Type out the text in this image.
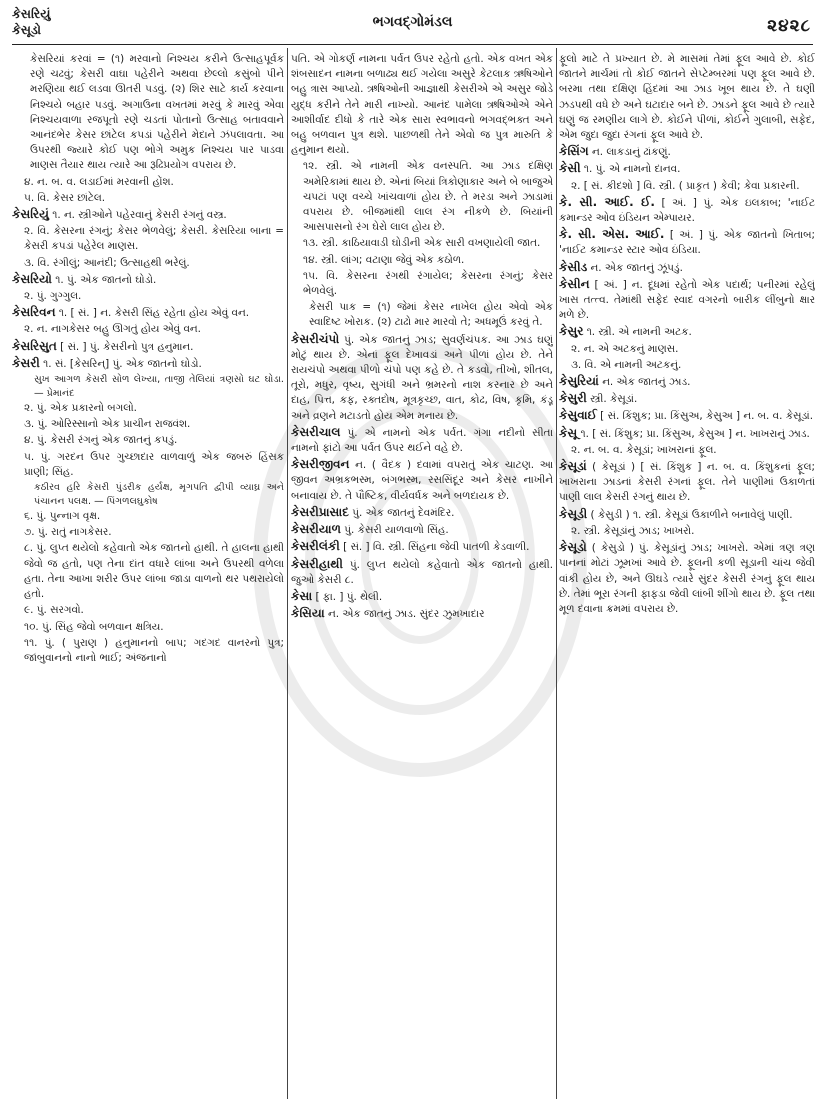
કેસરિયું
કેસૂડો	ભગવદ્ગોમંડલ	૨૪૨૮
કેસરિયાં કરવાં = (૧) મરવાનો નિશ્ચય કરીને ઉત્સાહપૂર્વક રણે ચઢવું; કેસરી વાઘા પહેરીને અથવા છેલ્લો કસુંબો પીને મરણિયા થઈ લડવા ઊતરી પડવું. (૨) શિર સાટે કાર્ય કરવાના નિશ્ચયે બહાર પડવું. અગાઉના વખતમાં મરવું કે મારવું એવા નિશ્ચયવાળા રજપૂતો રણે ચડતાં પોતાનો ઉત્સાહ બતાવવાને આનંદભેર કેસર છાંટેલ કપડાં પહેરીને મેદાને ઝંપલાવતા. આ ઉપરથી જ્યારે કોઈ પણ ભોગે અમુક નિશ્ચય પાર પાડવા માણસ તૈયાર થાય ત્યારે આ રૂઢિપ્રયોગ વપરાય છે.
૪. ન. બ. વ. લડાઈમાં મરવાની હોંશ.
૫. વિ. કેસર છાંટેલ.
કેસરિયું ૧. ન. સ્ત્રીઓને પહેરવાનું કેસરી રંગનું વસ્ત્ર.
૨. વિ. કેસરના રંગનું; કેસર ભેળવેલું; કેસરી. કેસરિયા બાના = કેસરી કપડાં પહેરેલ માણસ.
૩. વિ. રંગીલું; આનંદી; ઉત્સાહથી ભરેલું.
કેસરિયો ૧. પું. એક જાતનો ઘોડો.
૨. પું. ગુગ્ગુલ.
કેસરિવન ૧. [ સં. ] ન. કેસરી સિંહ રહેતા હોય એવું વન.
૨. ન. નાગકેસર બહુ ઊગતું હોય એવું વન.
કેસરિસુત [ સં. ] પું. કેસરીનો પુત્ર હનુમાન.
કેસરી ૧. સં. [કેસરિન્] પું. એક જાતનો ઘોડો.
સુખ આગળ કેસરી સોળ લેખ્યા, તાજી તેલિયાં ત્રણસો ઘટ ઘોડા. — પ્રેમાનંદ
૨. પું. એક પ્રકારનો બગલો.
૩. પું. ઓરિસ્સાનો એક પ્રાચીન રાજવંશ.
૪. પું. કેસરી રંગનું એક જાતનું કપડું.
૫. પું. ગરદન ઉપર ગુચ્છાદાર વાળવાળું એક જબરું હિંસક પ્રાણી; સિંહ.
કઠીરવ હરિ કેસરી પુંડરીક હર્યક્ષ, મૃગપતિ દ્વીપી વ્યાઘ્ર અને પંચાનન પલક્ષ. — પિંગળલઘુકોષ
૬. પું. પુન્નાગ વૃક્ષ.
૭. પું. રાતું નાગકેસર.
૮. પું. લુપ્ત થયેલો કહેવાતો એક જાતનો હાથી. તે હાલના હાથી જેવો જ હતો, પણ તેના દાંત વધારે લાંબા અને ઉપરથી વળેલા હતા. તેના આખા શરીર ઉપર લાંબા જાડા વાળનો થર પથરાયેલો હતો.
૯. પું. સરગવો.
૧૦. પું. સિંહ જેવો બળવાન ક્ષત્રિય.
૧૧. પું. ( પુરાણ ) હનુમાનનો બાપ; ગદગદ વાનરનો પુત્ર; જાંબુવાનનો નાનો ભાઈ; અંજનાનો
પતિ. એ ગોકર્ણ નામના પર્વત ઉપર રહેતો હતો. એક વખત એક શંબસાદન નામના બળાઢ્ય થઈ ગયેલા અસુરે કેટલાક ઋષિઓને બહુ ત્રાસ આપ્યો. ઋષિઓની આજ્ઞાથી કેસરીએ એ અસુર જોડે યુદ્ધ કરીને તેને મારી નાખ્યો. આનંદ પામેલા ઋષિઓએ એને આશીર્વાદ દીધો કે તારે એક સારા સ્વભાવનો ભગવદ્ભક્ત અને બહુ બળવાન પુત્ર થશે. પાછળથી તેને એવો જ પુત્ર મારુતિ કે હનુમાન થયો.
૧૨. સ્ત્રી. એ નામની એક વનસ્પતિ. આ ઝાડ દક્ષિણ અમેરિકામાં થાય છે. એનાં બિયાં ત્રિકોણાકાર અને બે બાજુએ ચપટાં પણ વચ્ચે ખાંચવાળાં હોય છે. તે મરડા અને ઝાડામાં વપરાય છે. બીજમાંથી લાલ રંગ નીકળે છે. બિયાંની આસપાસનો રંગ ઘેરો લાલ હોય છે.
૧૩. સ્ત્રી. કાઠિયાવાડી ઘોડીની એક સારી વખણાયેલી જાત.
૧૪. સ્ત્રી. લાંગ; વટાણા જેવું એક કઠોળ.
૧૫. વિ. કેસરના રંગથી રંગાયેલ; કેસરના રંગનું; કેસર ભેળવેલું.
કેસરી પાક = (૧) જેમાં કેસર નાખેલ હોય એવો એક સ્વાદિષ્ટ ખોરાક. (૨) ટાઢો માર મારવો તે; અધમૂઉં કરવું તે.
કેસરીચંપો પું. એક જાતનું ઝાડ; સુવર્ણચંપક. આ ઝાડ ઘણું મોટું થાય છે. એનાં ફૂલ દેખાવડાં અને પીળાં હોય છે. તેને રાયચંપો અથવા પીળો ચંપો પણ કહે છે. તે કડવો, તીખો, શીતલ, તૂરો, મધુર, વૃષ્ય, સુગંધી અને ભ્રમરનો નાશ કરનાર છે અને દાહ, પિત્ત, કફ, રક્તદોષ, મૂત્રકૃચ્છ, વાત, કોઢ, વિષ, કૃમિ, કંડૂ અને વ્રણને મટાડતો હોય એમ મનાય છે.
કેસરીચાલ પું. એ નામનો એક પર્વત. ગંગા નદીનો સીતા નામનો ફાંટો આ પર્વત ઉપર થઈને વહે છે.
કેસરીજીવન ન. ( વૈદક ) દવામાં વપરાતું એક ચાટણ. આ જીવન અભ્રકભસ્મ, બંગભસ્મ, રસસિંદૂર અને કેસર નાખીને બનાવાય છે. તે પૌષ્ટિક, વીર્યવર્ધક અને બળદાયક છે.
કેસરીપ્રાસાદ પું. એક જાતનું દેવમંદિર.
કેસરીયાળ પું. કેસરી યાળવાળો સિંહ.
કેસરીલંકી [ સં. ] વિ. સ્ત્રી. સિંહના જેવી પાતળી કેડવાળી.
કેસરીહાથી પું. લુપ્ત થયેલો કહેવાતો એક જાતનો હાથી. જુઓ કેસરી ૮.
કેસા [ ફા. ] પું. થેલી.
કેસિયા ન. એક જાતનું ઝાડ. સુંદર ઝુમખાદાર
ફૂલો માટે તે પ્રખ્યાત છે. મે માસમાં તેમાં ફૂલ આવે છે. કોઈ જાતને માર્ચમાં તો કોઈ જાતને સેપ્ટેમ્બરમાં પણ ફૂલ આવે છે. બરમા તથા દક્ષિણ હિંદમાં આ ઝાડ ખૂબ થાય છે. તે ઘણી ઝડપથી વધે છે અને ઘટાદાર બને છે. ઝાડને ફૂલ આવે છે ત્યારે ઘણું જ રમણીય લાગે છે. કોઈને પીળાં, કોઈને ગુલાબી, સફેદ, એમ જુદા જુદા રંગનાં ફૂલ આવે છે.
કેસિંગ ન. લાકડાનું ઢાંકણું.
કેસી ૧. પું. એ નામનો દાનવ.
૨. [ સં. કીદશો ] વિ. સ્ત્રી. ( પ્રાકૃત ) કેવી; કેવા પ્રકારની.
કે. સી. આઈ. ઈ. [ અં. ] પું. એક ઇલકાબ; 'નાઈટ કમાન્ડર ઓવ ઇંડિયન એમ્પાયર.
કે. સી. એસ. આઈ. [ અં. ] પું. એક જાતનો ખિતાબ; 'નાઈટ કમાન્ડર સ્ટાર ઓવ ઇંડિયા.
કેસીડ ન. એક જાતનું ઝૂંપડું.
કેસીન [ અં. ] ન. દૂધમાં રહેતો એક પદાર્થ; પનીરમાં રહેલું ખાસ તત્ત્વ. તેમાંથી સફેદ સ્વાદ વગરનો બારીક લીંબુનો ક્ષાર મળે છે.
કેસુર ૧. સ્ત્રી. એ નામની અટક.
૨. ન. એ અટકનું માણસ.
૩. વિ. એ નામની અટકનું.
કેસુરિયાં ન. એક જાતનું ઝાડ.
કેસુરી સ્ત્રી. કેસૂડાં.
કેસુવાઈ [ સં. કિંશુક; પ્રા. કિંસુઅ, કેસુઅ ] ન. બ. વ. કેસૂડાં.
કેસૂ ૧. [ સં. કિંશુક; પ્રા. કિંસુઅ, કેસુઅ ] ન. ખાખરાનું ઝાડ.
૨. ન. બ. વ. કેસૂડાં; ખાખરાનાં ફૂલ.
કેસૂડાં ( કેસૂડાં ) [ સં. કિંશુક ] ન. બ. વ. કિંશુકનાં ફૂલ; ખાખરાના ઝાડનાં કેસરી રંગનાં ફૂલ. તેને પાણીમાં ઉકાળતાં પાણી લાલ કેસરી રંગનું થાય છે.
કેસૂડી ( કેસુડી ) ૧. સ્ત્રી. કેસૂડાં ઉકાળીને બનાવેલું પાણી.
૨. સ્ત્રી. કેસૂડાંનું ઝાડ; ખાખરો.
કેસૂડો ( કેસુડો ) પું. કેસૂડાંનું ઝાડ; ખાખરો. એમાં ત્રણ ત્રણ પાનનાં મોટાં ઝૂમખાં આવે છે. ફૂલની કળી સૂડાની ચાંચ જેવી વાંકી હોય છે, અને ઊઘડે ત્યારે સુંદર કેસરી રંગનું ફૂલ થાય છે. તેમાં ભૂરા રંગની ફાફડા જેવી લાંબી શીંગો થાય છે. ફૂલ તથા મૂળ દવાના ક્રમમાં વપરાય છે.
